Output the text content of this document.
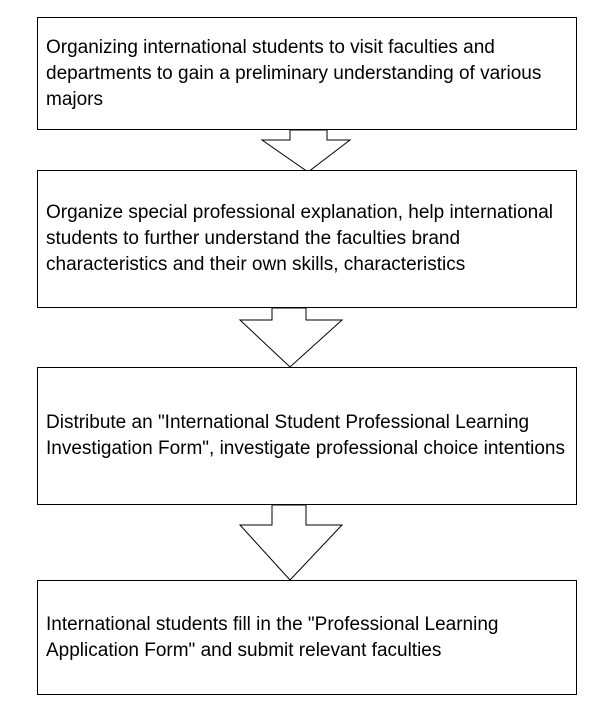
Organizing international students to visit faculties and departments to gain a preliminary understanding of various majors
Organize special professional explanation, help international students to further understand the faculties brand characteristics and their own skills, characteristics
Distribute an "International Student Professional Learning Investigation Form", investigate professional choice intentions
International students fill in the "Professional Learning Application Form" and submit relevant faculties
